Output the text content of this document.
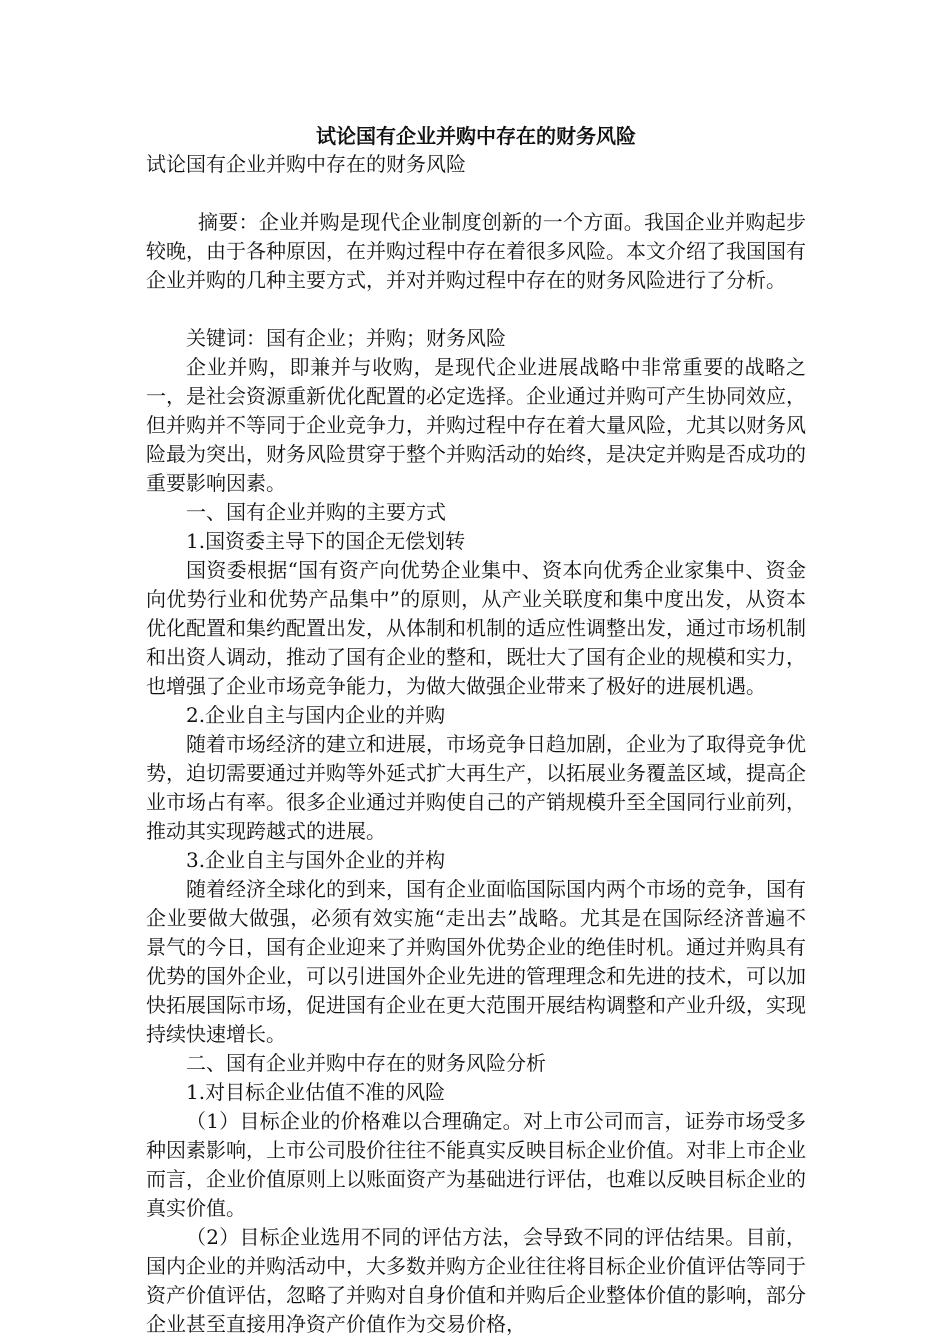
试论国有企业并购中存在的财务风险

试论国有企业并购中存在的财务风险

摘要：企业并购是现代企业制度创新的一个方面。我国企业并购起步较晚，由于各种原因，在并购过程中存在着很多风险。本文介绍了我国国有企业并购的几种主要方式，并对并购过程中存在的财务风险进行了分析。

关键词：国有企业；并购；财务风险

企业并购，即兼并与收购，是现代企业进展战略中非常重要的战略之一，是社会资源重新优化配置的必定选择。企业通过并购可产生协同效应，但并购并不等同于企业竞争力，并购过程中存在着大量风险，尤其以财务风险最为突出，财务风险贯穿于整个并购活动的始终，是决定并购是否成功的重要影响因素。

一、国有企业并购的主要方式

1.国资委主导下的国企无偿划转

国资委根据“国有资产向优势企业集中、资本向优秀企业家集中、资金向优势行业和优势产品集中”的原则，从产业关联度和集中度出发，从资本优化配置和集约配置出发，从体制和机制的适应性调整出发，通过市场机制和出资人调动，推动了国有企业的整和，既壮大了国有企业的规模和实力，也增强了企业市场竞争能力，为做大做强企业带来了极好的进展机遇。

2.企业自主与国内企业的并购

随着市场经济的建立和进展，市场竞争日趋加剧，企业为了取得竞争优势，迫切需要通过并购等外延式扩大再生产，以拓展业务覆盖区域，提高企业市场占有率。很多企业通过并购使自己的产销规模升至全国同行业前列，推动其实现跨越式的进展。

3.企业自主与国外企业的并构

随着经济全球化的到来，国有企业面临国际国内两个市场的竞争，国有企业要做大做强，必须有效实施“走出去”战略。尤其是在国际经济普遍不景气的今日，国有企业迎来了并购国外优势企业的绝佳时机。通过并购具有优势的国外企业，可以引进国外企业先进的管理理念和先进的技术，可以加快拓展国际市场，促进国有企业在更大范围开展结构调整和产业升级，实现持续快速增长。

二、国有企业并购中存在的财务风险分析

1.对目标企业估值不准的风险

（1）目标企业的价格难以合理确定。对上市公司而言，证券市场受多种因素影响，上市公司股价往往不能真实反映目标企业价值。对非上市企业而言，企业价值原则上以账面资产为基础进行评估，也难以反映目标企业的真实价值。

（2）目标企业选用不同的评估方法，会导致不同的评估结果。目前，国内企业的并购活动中，大多数并购方企业往往将目标企业价值评估等同于资产价值评估，忽略了并购对自身价值和并购后企业整体价值的影响，部分企业甚至直接用净资产价值作为交易价格，
